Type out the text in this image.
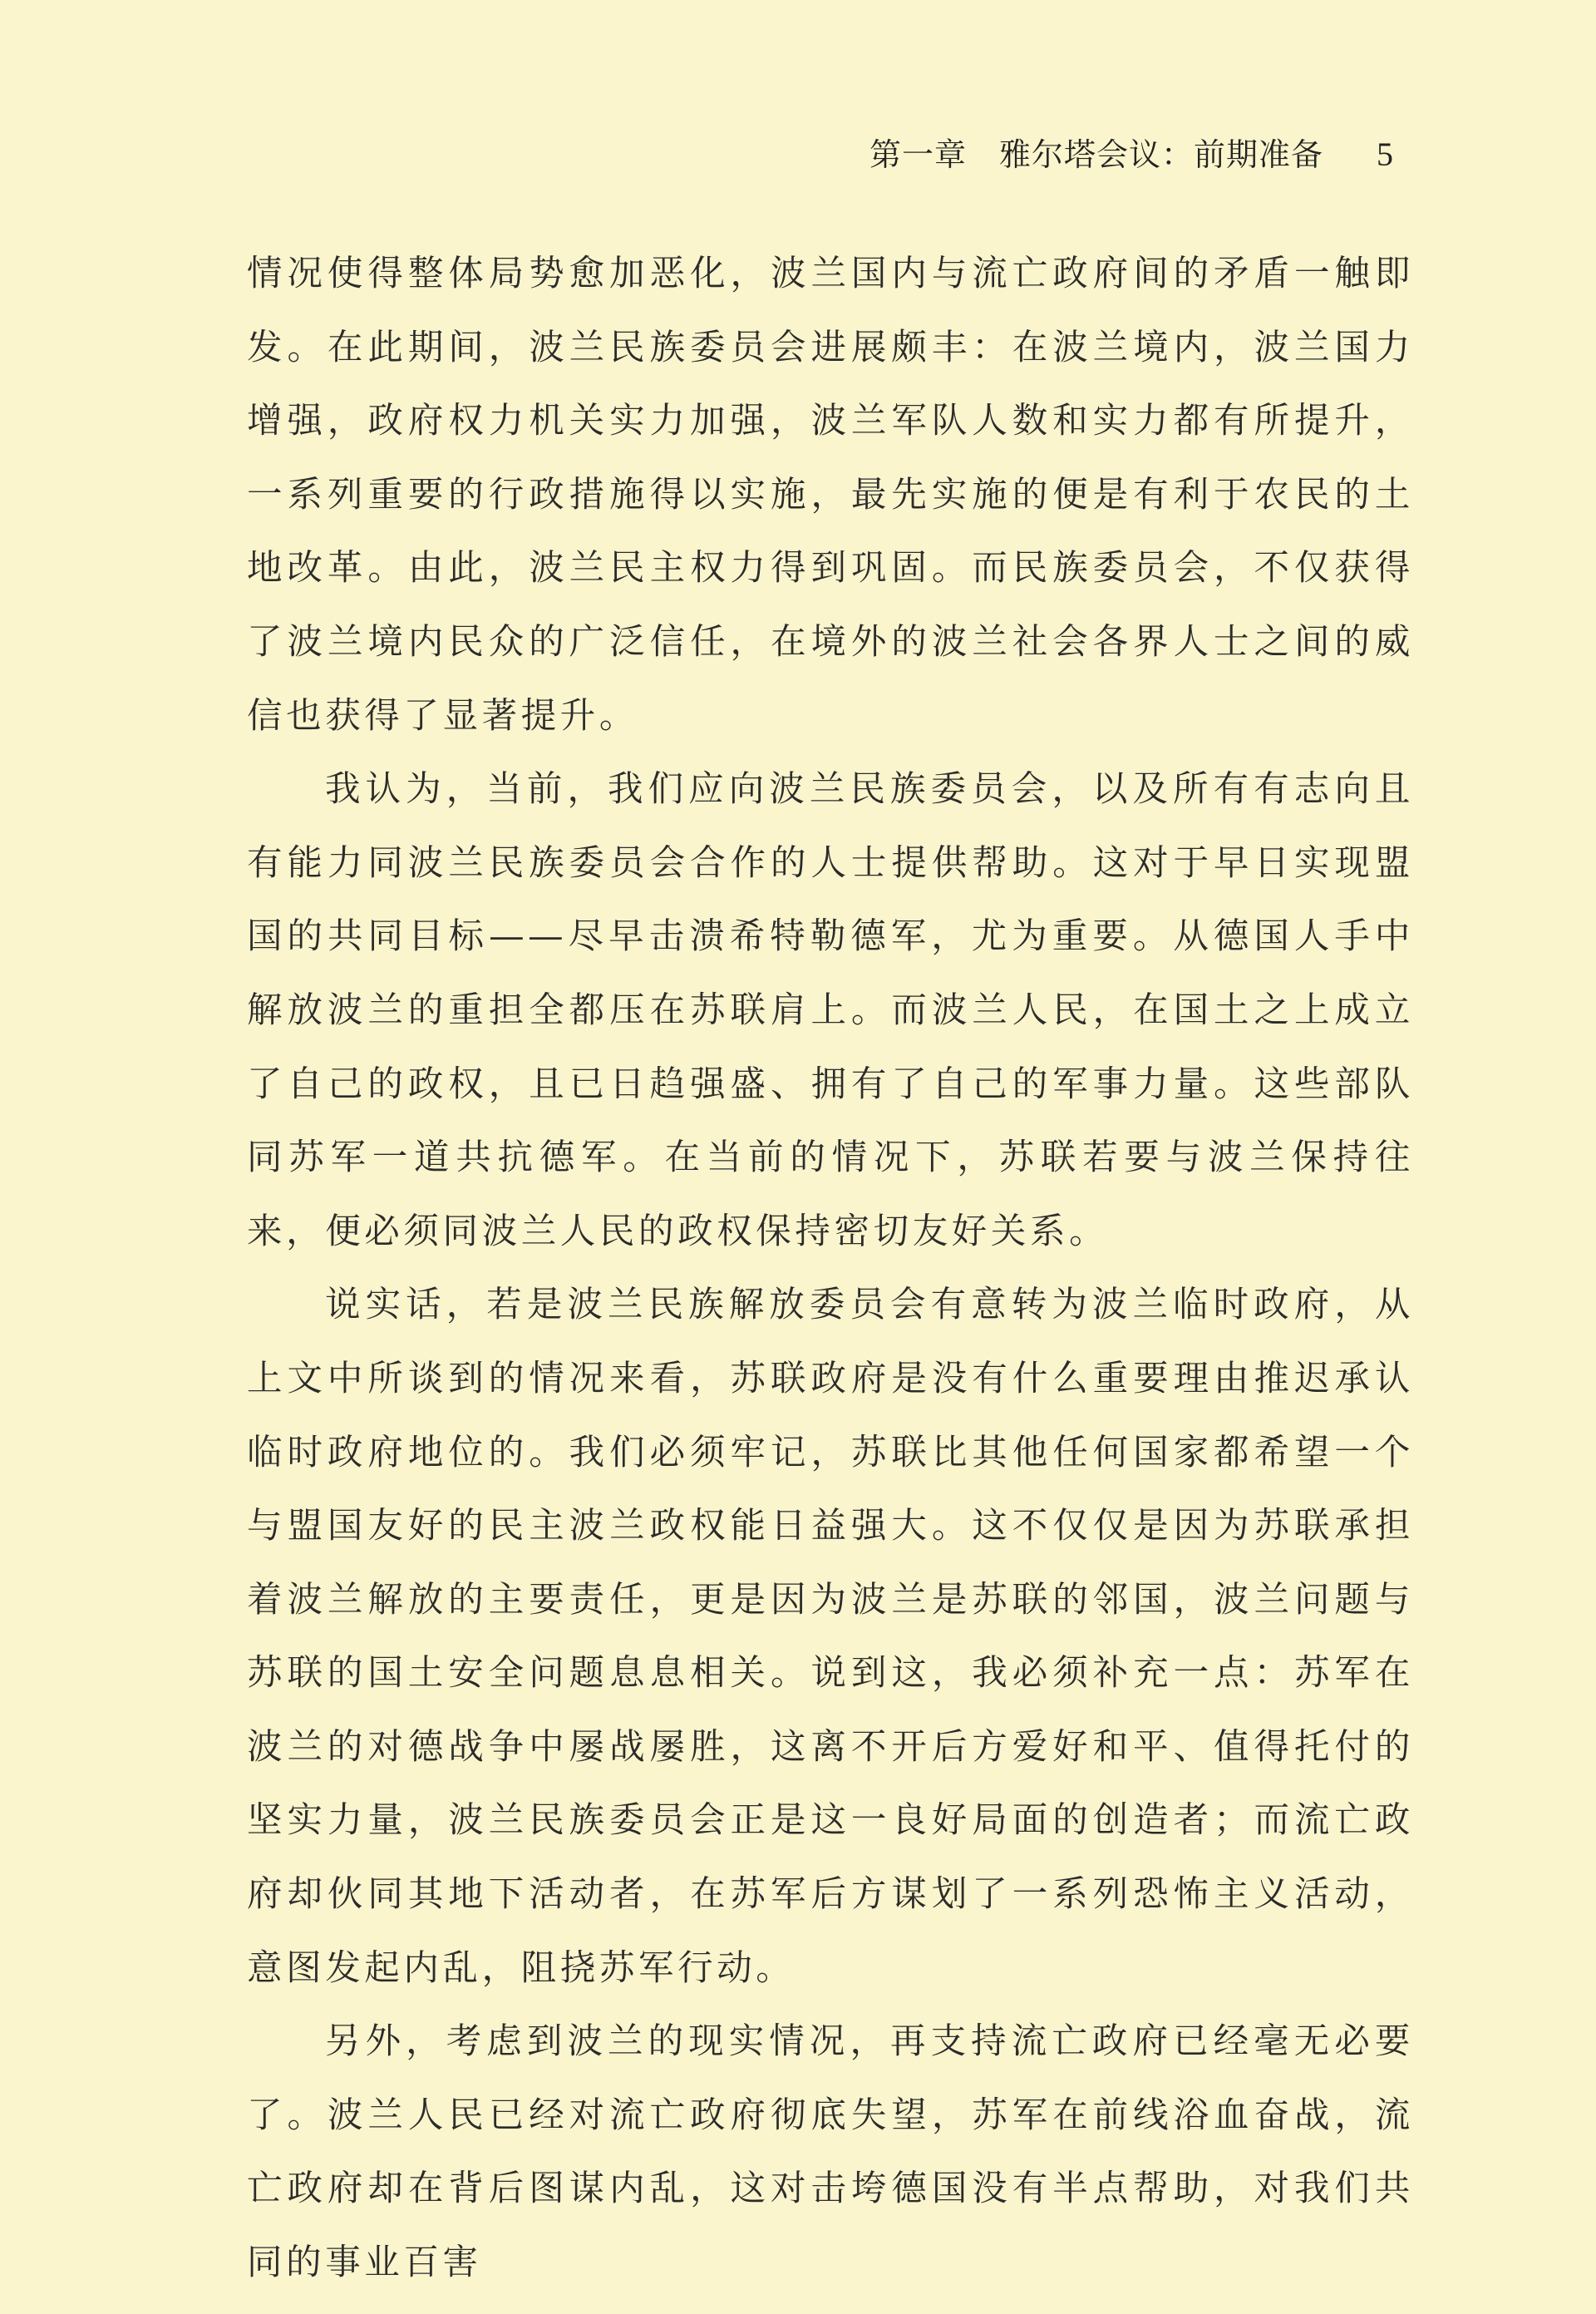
第一章　雅尔塔会议：前期准备 5

情况使得整体局势愈加恶化，波兰国内与流亡政府间的矛盾一触即发。在此期间，波兰民族委员会进展颇丰：在波兰境内，波兰国力增强，政府权力机关实力加强，波兰军队人数和实力都有所提升，一系列重要的行政措施得以实施，最先实施的便是有利于农民的土地改革。由此，波兰民主权力得到巩固。而民族委员会，不仅获得了波兰境内民众的广泛信任，在境外的波兰社会各界人士之间的威信也获得了显著提升。

我认为，当前，我们应向波兰民族委员会，以及所有有志向且有能力同波兰民族委员会合作的人士提供帮助。这对于早日实现盟国的共同目标——尽早击溃希特勒德军，尤为重要。从德国人手中解放波兰的重担全都压在苏联肩上。而波兰人民，在国土之上成立了自己的政权，且已日趋强盛、拥有了自己的军事力量。这些部队同苏军一道共抗德军。在当前的情况下，苏联若要与波兰保持往来，便必须同波兰人民的政权保持密切友好关系。

说实话，若是波兰民族解放委员会有意转为波兰临时政府，从上文中所谈到的情况来看，苏联政府是没有什么重要理由推迟承认临时政府地位的。我们必须牢记，苏联比其他任何国家都希望一个与盟国友好的民主波兰政权能日益强大。这不仅仅是因为苏联承担着波兰解放的主要责任，更是因为波兰是苏联的邻国，波兰问题与苏联的国土安全问题息息相关。说到这，我必须补充一点：苏军在波兰的对德战争中屡战屡胜，这离不开后方爱好和平、值得托付的坚实力量，波兰民族委员会正是这一良好局面的创造者；而流亡政府却伙同其地下活动者，在苏军后方谋划了一系列恐怖主义活动，意图发起内乱，阻挠苏军行动。

另外，考虑到波兰的现实情况，再支持流亡政府已经毫无必要了。波兰人民已经对流亡政府彻底失望，苏军在前线浴血奋战，流亡政府却在背后图谋内乱，这对击垮德国没有半点帮助，对我们共同的事业百害
